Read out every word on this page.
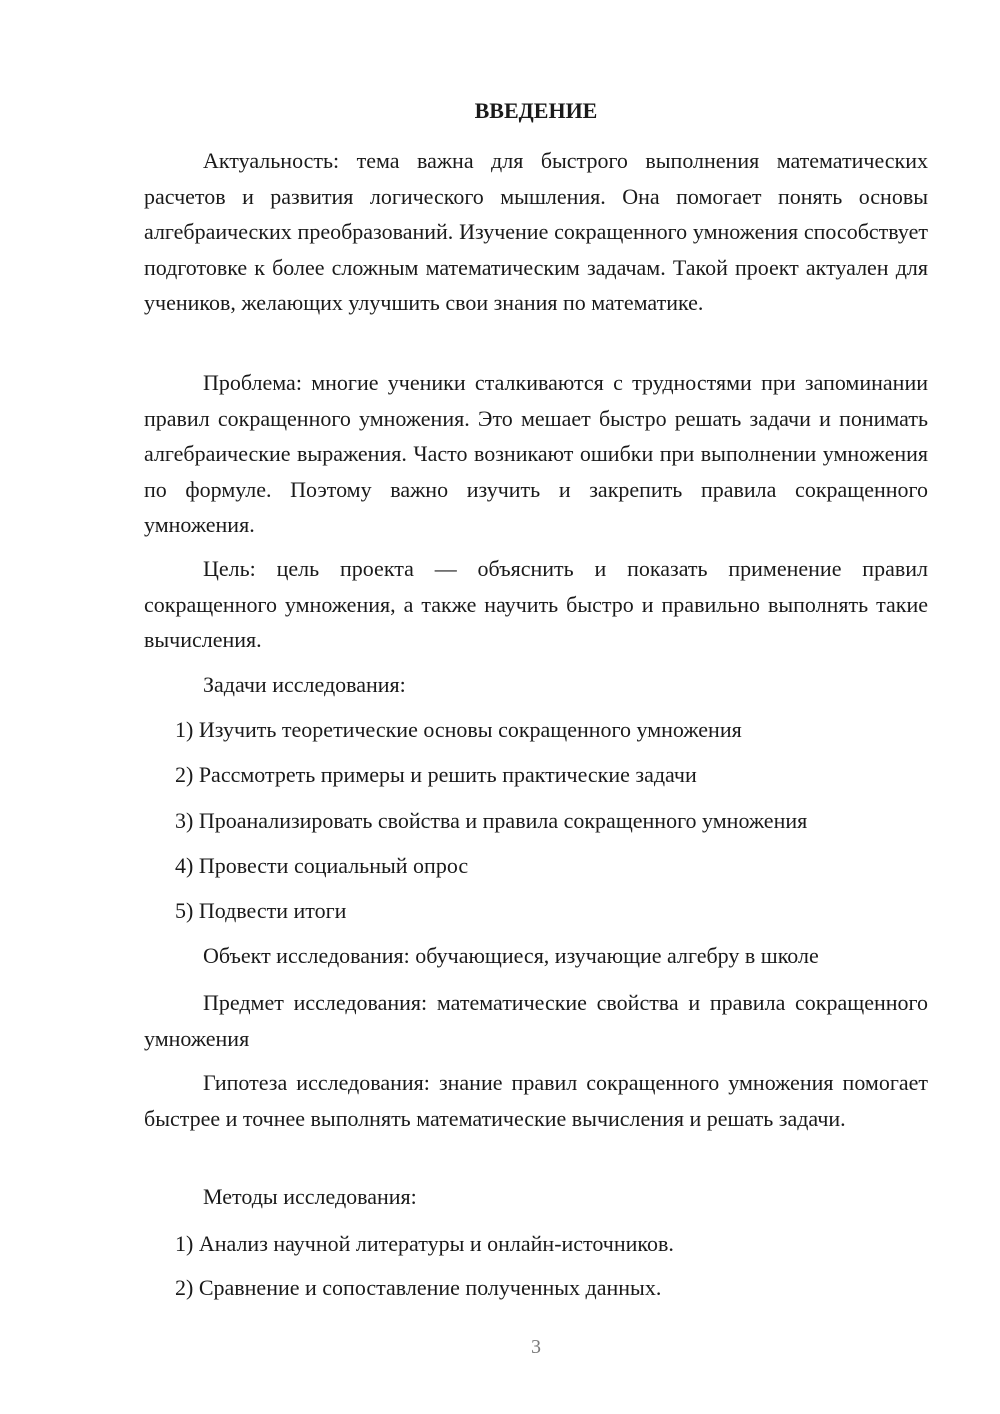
ВВЕДЕНИЕ

Актуальность: тема важна для быстрого выполнения математических расчетов и развития логического мышления. Она помогает понять основы алгебраических преобразований. Изучение сокращенного умножения способствует подготовке к более сложным математическим задачам. Такой проект актуален для учеников, желающих улучшить свои знания по математике.

Проблема: многие ученики сталкиваются с трудностями при запоминании правил сокращенного умножения. Это мешает быстро решать задачи и понимать алгебраические выражения. Часто возникают ошибки при выполнении умножения по формуле. Поэтому важно изучить и закрепить правила сокращенного умножения.

Цель: цель проекта — объяснить и показать применение правил сокращенного умножения, а также научить быстро и правильно выполнять такие вычисления.

Задачи исследования:

1) Изучить теоретические основы сокращенного умножения

2) Рассмотреть примеры и решить практические задачи

3) Проанализировать свойства и правила сокращенного умножения

4) Провести социальный опрос

5) Подвести итоги

Объект исследования: обучающиеся, изучающие алгебру в школе

Предмет исследования: математические свойства и правила сокращенного умножения

Гипотеза исследования: знание правил сокращенного умножения помогает быстрее и точнее выполнять математические вычисления и решать задачи.

Методы исследования:

1) Анализ научной литературы и онлайн-источников.

2) Сравнение и сопоставление полученных данных.

3
